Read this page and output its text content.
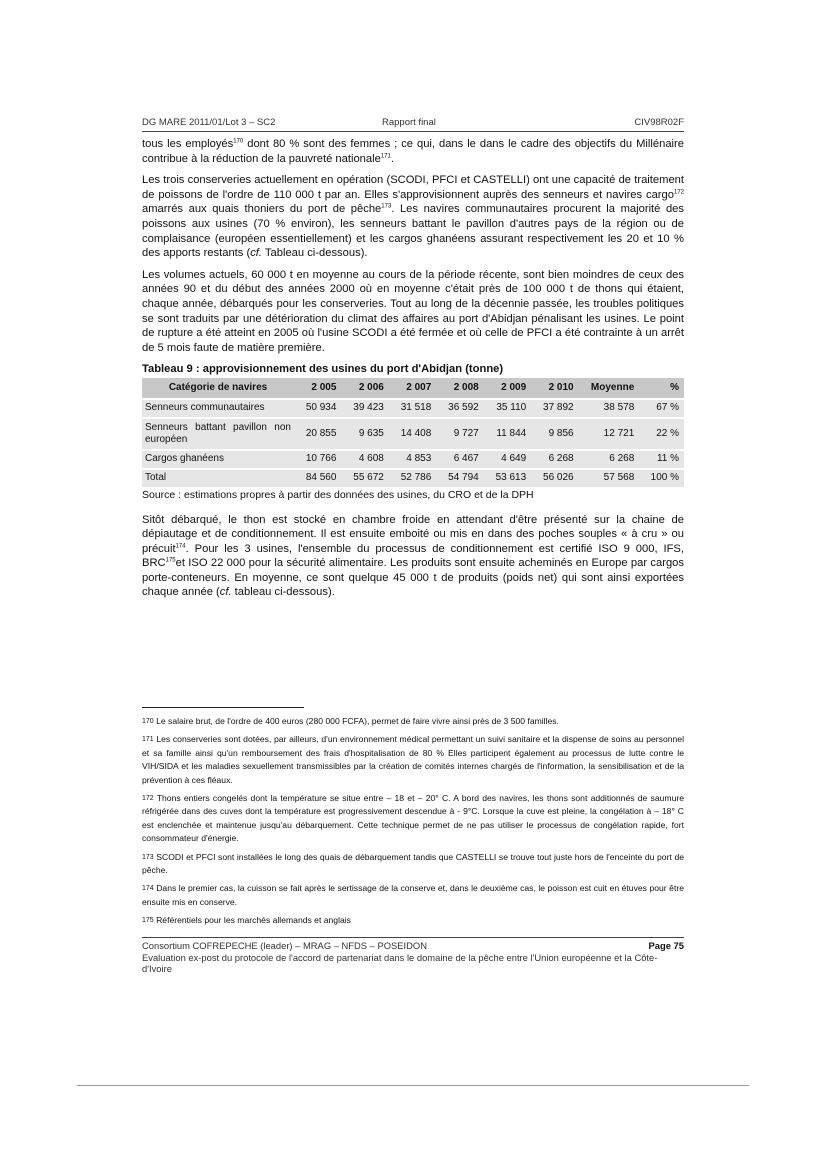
DG MARE 2011/01/Lot 3 – SC2	Rapport final	CIV98R02F

tous les employés$^{170}$ dont 80 % sont des femmes ; ce qui, dans le dans le cadre des objectifs du Millénaire contribue à la réduction de la pauvreté nationale$^{171}$.

Les trois conserveries actuellement en opération (SCODI, PFCI et CASTELLI) ont une capacité de traitement de poissons de l'ordre de 110 000 t par an. Elles s'approvisionnent auprès des senneurs et navires cargo$^{172}$ amarrés aux quais thoniers du port de pêche$^{173}$. Les navires communautaires procurent la majorité des poissons aux usines (70 % environ), les senneurs battant le pavillon d'autres pays de la région ou de complaisance (européen essentiellement) et les cargos ghanéens assurant respectivement les 20 et 10 % des apports restants (cf. Tableau ci-dessous).

Les volumes actuels, 60 000 t en moyenne au cours de la période récente, sont bien moindres de ceux des années 90 et du début des années 2000 où en moyenne c'était près de 100 000 t de thons qui étaient, chaque année, débarqués pour les conserveries. Tout au long de la décennie passée, les troubles politiques se sont traduits par une détérioration du climat des affaires au port d'Abidjan pénalisant les usines. Le point de rupture a été atteint en 2005 où l'usine SCODI a été fermée et où celle de PFCI a été contrainte à un arrêt de 5 mois faute de matière première.

Tableau 9 : approvisionnement des usines du port d'Abidjan (tonne)
Catégorie de navires	2 005	2 006	2 007	2 008	2 009	2 010	Moyenne	%
Senneurs communautaires	50 934	39 423	31 518	36 592	35 110	37 892	38 578	67 %
Senneurs battant pavillon non européen	20 855	9 635	14 408	9 727	11 844	9 856	12 721	22 %
Cargos ghanéens	10 766	4 608	4 853	6 467	4 649	6 268	6 268	11 %
Total	84 560	55 672	52 786	54 794	53 613	56 026	57 568	100 %
Source : estimations propres à partir des données des usines, du CRO et de la DPH

Sitôt débarqué, le thon est stocké en chambre froide en attendant d'être présenté sur la chaine de dépiautage et de conditionnement. Il est ensuite emboité ou mis en dans des poches souples « à cru » ou précuit$^{174}$. Pour les 3 usines, l'ensemble du processus de conditionnement est certifié ISO 9 000, IFS, BRC$^{175}$et ISO 22 000 pour la sécurité alimentaire. Les produits sont ensuite acheminés en Europe par cargos porte-conteneurs. En moyenne, ce sont quelque 45 000 t de produits (poids net) qui sont ainsi exportées chaque année (cf. tableau ci-dessous).

$^{170}$ Le salaire brut, de l'ordre de 400 euros (280 000 FCFA), permet de faire vivre ainsi près de 3 500 familles.

$^{171}$ Les conserveries sont dotées, par ailleurs, d'un environnement médical permettant un suivi sanitaire et la dispense de soins au personnel et sa famille ainsi qu'un remboursement des frais d'hospitalisation de 80 % Elles participent également au processus de lutte contre le VIH/SIDA et les maladies sexuellement transmissibles par la création de comités internes chargés de l'information, la sensibilisation et de la prévention à ces fléaux.

$^{172}$ Thons entiers congelés dont la température se situe entre – 18 et – 20° C. A bord des navires, les thons sont additionnés de saumure réfrigérée dans des cuves dont la température est progressivement descendue à - 9°C. Lorsque la cuve est pleine, la congélation à – 18° C est enclenchée et maintenue jusqu'au débarquement. Cette technique permet de ne pas utiliser le processus de congélation rapide, fort consommateur d'énergie.

$^{173}$ SCODI et PFCI sont installées le long des quais de débarquement tandis que CASTELLI se trouve tout juste hors de l'enceinte du port de pêche.

$^{174}$ Dans le premier cas, la cuisson se fait après le sertissage de la conserve et, dans le deuxième cas, le poisson est cuit en étuves pour être ensuite mis en conserve.

$^{175}$ Référentiels pour les marchés allemands et anglais

Consortium COFREPECHE (leader) – MRAG – NFDS – POSEIDON	Page 75
Evaluation ex-post du protocole de l'accord de partenariat dans le domaine de la pêche entre l'Union européenne et la Côte-d'Ivoire
